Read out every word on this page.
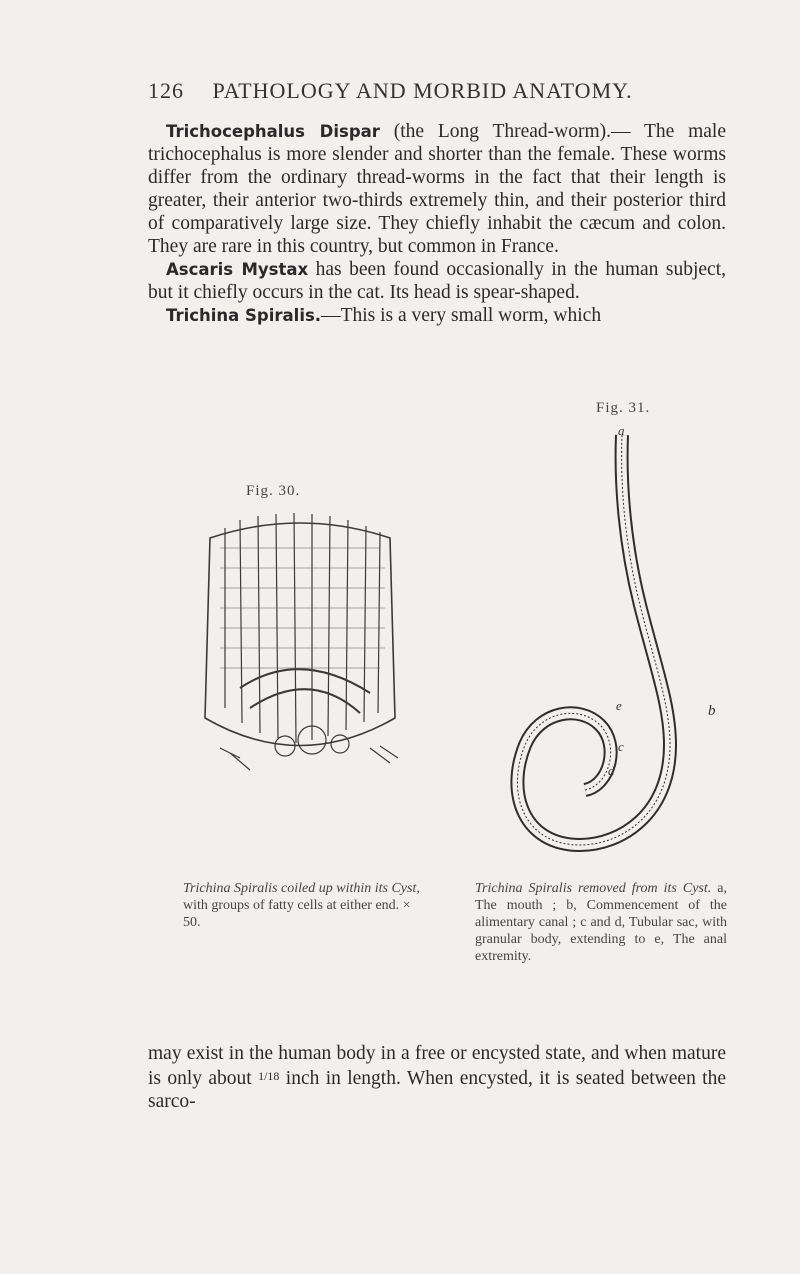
126 PATHOLOGY AND MORBID ANATOMY.

Trichocephalus Dispar (the Long Thread-worm).— The male trichocephalus is more slender and shorter than the female. These worms differ from the ordinary thread-worms in the fact that their length is greater, their anterior two-thirds extremely thin, and their posterior third of comparatively large size. They chiefly inhabit the cæcum and colon. They are rare in this country, but common in France.

Ascaris Mystax has been found occasionally in the human subject, but it chiefly occurs in the cat. Its head is spear-shaped.

Trichina Spiralis.—This is a very small worm, which

Fig. 30.
Trichina Spiralis coiled up within its Cyst, with groups of fatty cells at either end. × 50.
Fig. 31.
a
b
e
c
d
Trichina Spiralis removed from its Cyst. a, The mouth ; b, Commencement of the alimentary canal ; c and d, Tubular sac, with granular body, extending to e, The anal extremity.
may exist in the human body in a free or encysted state, and when mature is only about $^{1/18}$ inch in length. When encysted, it is seated between the sarco-
